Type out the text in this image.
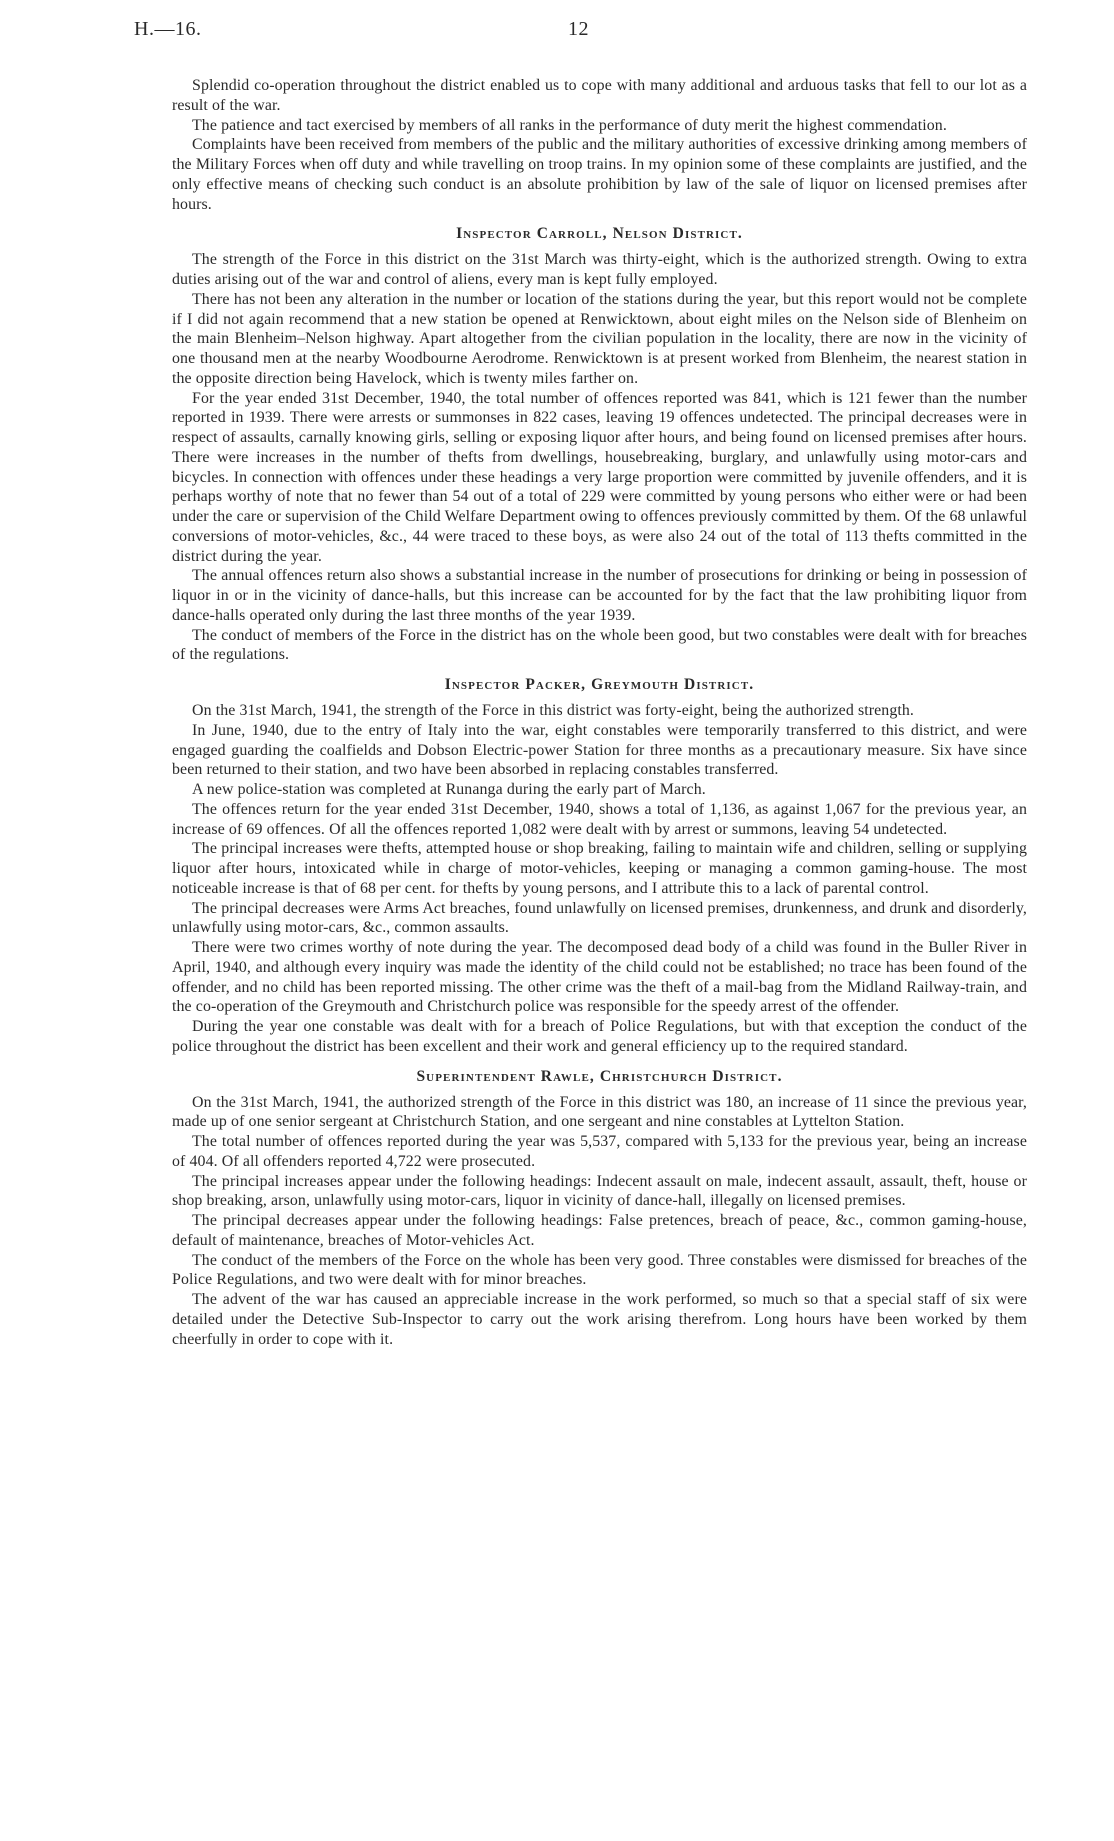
H.—16.	12

Splendid co-operation throughout the district enabled us to cope with many additional and arduous tasks that fell to our lot as a result of the war.

The patience and tact exercised by members of all ranks in the performance of duty merit the highest commendation.

Complaints have been received from members of the public and the military authorities of excessive drinking among members of the Military Forces when off duty and while travelling on troop trains. In my opinion some of these complaints are justified, and the only effective means of checking such conduct is an absolute prohibition by law of the sale of liquor on licensed premises after hours.

Inspector Carroll, Nelson District.

The strength of the Force in this district on the 31st March was thirty-eight, which is the authorized strength. Owing to extra duties arising out of the war and control of aliens, every man is kept fully employed.

There has not been any alteration in the number or location of the stations during the year, but this report would not be complete if I did not again recommend that a new station be opened at Renwicktown, about eight miles on the Nelson side of Blenheim on the main Blenheim–Nelson highway. Apart altogether from the civilian population in the locality, there are now in the vicinity of one thousand men at the nearby Woodbourne Aerodrome. Renwicktown is at present worked from Blenheim, the nearest station in the opposite direction being Havelock, which is twenty miles farther on.

For the year ended 31st December, 1940, the total number of offences reported was 841, which is 121 fewer than the number reported in 1939. There were arrests or summonses in 822 cases, leaving 19 offences undetected. The principal decreases were in respect of assaults, carnally knowing girls, selling or exposing liquor after hours, and being found on licensed premises after hours. There were increases in the number of thefts from dwellings, housebreaking, burglary, and unlawfully using motor-cars and bicycles. In connection with offences under these headings a very large proportion were committed by juvenile offenders, and it is perhaps worthy of note that no fewer than 54 out of a total of 229 were committed by young persons who either were or had been under the care or supervision of the Child Welfare Department owing to offences previously committed by them. Of the 68 unlawful conversions of motor-vehicles, &c., 44 were traced to these boys, as were also 24 out of the total of 113 thefts committed in the district during the year.

The annual offences return also shows a substantial increase in the number of prosecutions for drinking or being in possession of liquor in or in the vicinity of dance-halls, but this increase can be accounted for by the fact that the law prohibiting liquor from dance-halls operated only during the last three months of the year 1939.

The conduct of members of the Force in the district has on the whole been good, but two constables were dealt with for breaches of the regulations.

Inspector Packer, Greymouth District.

On the 31st March, 1941, the strength of the Force in this district was forty-eight, being the authorized strength.

In June, 1940, due to the entry of Italy into the war, eight constables were temporarily transferred to this district, and were engaged guarding the coalfields and Dobson Electric-power Station for three months as a precautionary measure. Six have since been returned to their station, and two have been absorbed in replacing constables transferred.

A new police-station was completed at Runanga during the early part of March.

The offences return for the year ended 31st December, 1940, shows a total of 1,136, as against 1,067 for the previous year, an increase of 69 offences. Of all the offences reported 1,082 were dealt with by arrest or summons, leaving 54 undetected.

The principal increases were thefts, attempted house or shop breaking, failing to maintain wife and children, selling or supplying liquor after hours, intoxicated while in charge of motor-vehicles, keeping or managing a common gaming-house. The most noticeable increase is that of 68 per cent. for thefts by young persons, and I attribute this to a lack of parental control.

The principal decreases were Arms Act breaches, found unlawfully on licensed premises, drunkenness, and drunk and disorderly, unlawfully using motor-cars, &c., common assaults.

There were two crimes worthy of note during the year. The decomposed dead body of a child was found in the Buller River in April, 1940, and although every inquiry was made the identity of the child could not be established; no trace has been found of the offender, and no child has been reported missing. The other crime was the theft of a mail-bag from the Midland Railway-train, and the co-operation of the Greymouth and Christchurch police was responsible for the speedy arrest of the offender.

During the year one constable was dealt with for a breach of Police Regulations, but with that exception the conduct of the police throughout the district has been excellent and their work and general efficiency up to the required standard.

Superintendent Rawle, Christchurch District.

On the 31st March, 1941, the authorized strength of the Force in this district was 180, an increase of 11 since the previous year, made up of one senior sergeant at Christchurch Station, and one sergeant and nine constables at Lyttelton Station.

The total number of offences reported during the year was 5,537, compared with 5,133 for the previous year, being an increase of 404. Of all offenders reported 4,722 were prosecuted.

The principal increases appear under the following headings: Indecent assault on male, indecent assault, assault, theft, house or shop breaking, arson, unlawfully using motor-cars, liquor in vicinity of dance-hall, illegally on licensed premises.

The principal decreases appear under the following headings: False pretences, breach of peace, &c., common gaming-house, default of maintenance, breaches of Motor-vehicles Act.

The conduct of the members of the Force on the whole has been very good. Three constables were dismissed for breaches of the Police Regulations, and two were dealt with for minor breaches.

The advent of the war has caused an appreciable increase in the work performed, so much so that a special staff of six were detailed under the Detective Sub-Inspector to carry out the work arising therefrom. Long hours have been worked by them cheerfully in order to cope with it.
